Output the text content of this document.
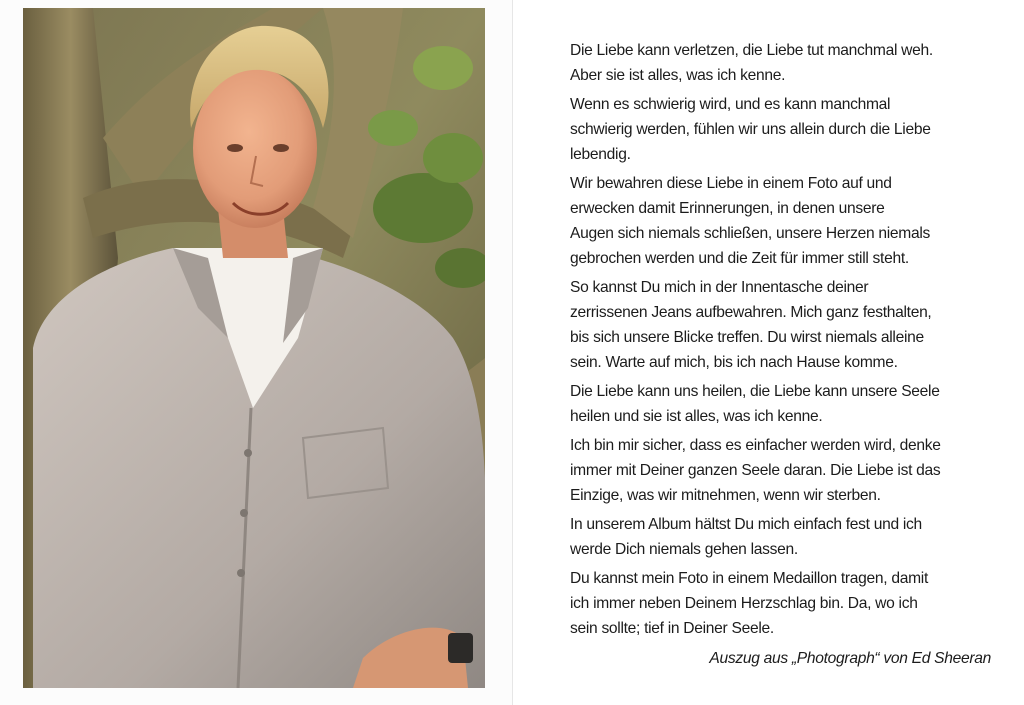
Die Liebe kann verletzen, die Liebe tut manchmal weh.
Aber sie ist alles, was ich kenne.

Wenn es schwierig wird, und es kann manchmal
schwierig werden, fühlen wir uns allein durch die Liebe
lebendig.

Wir bewahren diese Liebe in einem Foto auf und
erwecken damit Erinnerungen, in denen unsere
Augen sich niemals schließen, unsere Herzen niemals
gebrochen werden und die Zeit für immer still steht.

So kannst Du mich in der Innentasche deiner
zerrissenen Jeans aufbewahren. Mich ganz festhalten,
bis sich unsere Blicke treffen. Du wirst niemals alleine
sein. Warte auf mich, bis ich nach Hause komme.

Die Liebe kann uns heilen, die Liebe kann unsere Seele
heilen und sie ist alles, was ich kenne.

Ich bin mir sicher, dass es einfacher werden wird, denke
immer mit Deiner ganzen Seele daran. Die Liebe ist das
Einzige, was wir mitnehmen, wenn wir sterben.

In unserem Album hältst Du mich einfach fest und ich
werde Dich niemals gehen lassen.

Du kannst mein Foto in einem Medaillon tragen, damit
ich immer neben Deinem Herzschlag bin. Da, wo ich
sein sollte; tief in Deiner Seele.

Auszug aus „Photograph“ von Ed Sheeran
